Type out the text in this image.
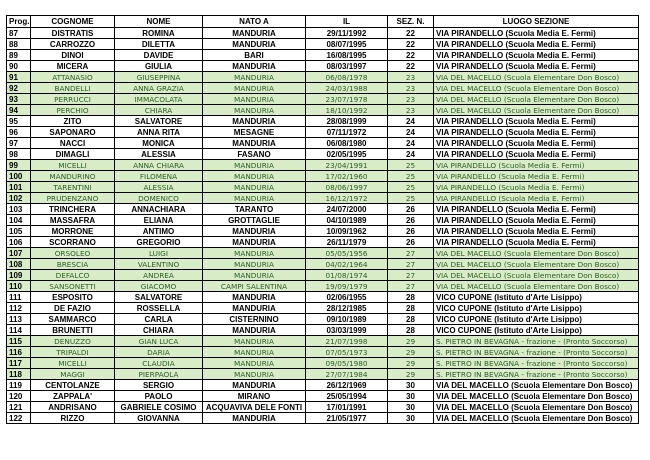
Prog.	COGNOME	NOME	NATO A	IL	SEZ. N.	LUOGO SEZIONE
87	DISTRATIS	ROMINA	MANDURIA	29/11/1992	22	VIA PIRANDELLO (Scuola Media E. Fermi)
88	CARROZZO	DILETTA	MANDURIA	08/07/1995	22	VIA PIRANDELLO (Scuola Media E. Fermi)
89	DINOI	DAVIDE	BARI	16/08/1995	22	VIA PIRANDELLO (Scuola Media E. Fermi)
90	MICERA	GIULIA	MANDURIA	08/03/1997	22	VIA PIRANDELLO (Scuola Media E. Fermi)
91	ATTANASIO	GIUSEPPINA	MANDURIA	06/08/1978	23	VIA DEL MACELLO (Scuola Elementare Don Bosco)
92	BANDELLI	ANNA GRAZIA	MANDURIA	24/03/1988	23	VIA DEL MACELLO (Scuola Elementare Don Bosco)
93	PERRUCCI	IMMACOLATA	MANDURIA	23/07/1978	23	VIA DEL MACELLO (Scuola Elementare Don Bosco)
94	PERCHIO	CHIARA	MANDURIA	18/10/1992	23	VIA DEL MACELLO (Scuola Elementare Don Bosco)
95	ZITO	SALVATORE	MANDURIA	28/08/1999	24	VIA PIRANDELLO (Scuola Media E. Fermi)
96	SAPONARO	ANNA RITA	MESAGNE	07/11/1972	24	VIA PIRANDELLO (Scuola Media E. Fermi)
97	NACCI	MONICA	MANDURIA	06/08/1980	24	VIA PIRANDELLO (Scuola Media E. Fermi)
98	DIMAGLI	ALESSIA	FASANO	02/05/1995	24	VIA PIRANDELLO (Scuola Media E. Fermi)
99	MICELLI	ANNA CHIARA	MANDURIA	23/04/1991	25	VIA PIRANDELLO (Scuola Media E. Fermi)
100	MANDURINO	FILOMENA	MANDURIA	17/02/1960	25	VIA PIRANDELLO (Scuola Media E. Fermi)
101	TARENTINI	ALESSIA	MANDURIA	08/06/1997	25	VIA PIRANDELLO (Scuola Media E. Fermi)
102	PRUDENZANO	DOMENICO	MANDURIA	16/12/1972	25	VIA PIRANDELLO (Scuola Media E. Fermi)
103	TRINCHERA	ANNACHIARA	TARANTO	24/07/2000	26	VIA PIRANDELLO (Scuola Media E. Fermi)
104	MASSAFRA	ELIANA	GROTTAGLIE	04/10/1989	26	VIA PIRANDELLO (Scuola Media E. Fermi)
105	MORRONE	ANTIMO	MANDURIA	10/09/1962	26	VIA PIRANDELLO (Scuola Media E. Fermi)
106	SCORRANO	GREGORIO	MANDURIA	26/11/1979	26	VIA PIRANDELLO (Scuola Media E. Fermi)
107	ORSOLEO	LUIGI	MANDURIA	05/05/1956	27	VIA DEL MACELLO (Scuola Elementare Don Bosco)
108	BRESCIA	VALENTINO	MANDURIA	04/02/1964	27	VIA DEL MACELLO (Scuola Elementare Don Bosco)
109	DEFALCO	ANDREA	MANDURIA	01/08/1974	27	VIA DEL MACELLO (Scuola Elementare Don Bosco)
110	SANSONETTI	GIACOMO	CAMPI SALENTINA	19/09/1979	27	VIA DEL MACELLO (Scuola Elementare Don Bosco)
111	ESPOSITO	SALVATORE	MANDURIA	02/06/1955	28	VICO CUPONE (Istituto d'Arte Lisippo)
112	DE FAZIO	ROSSELLA	MANDURIA	28/12/1985	28	VICO CUPONE (Istituto d'Arte Lisippo)
113	SAMMARCO	CARLA	CISTERNINO	09/10/1989	28	VICO CUPONE (Istituto d'Arte Lisippo)
114	BRUNETTI	CHIARA	MANDURIA	03/03/1999	28	VICO CUPONE (Istituto d'Arte Lisippo)
115	DENUZZO	GIAN LUCA	MANDURIA	21/07/1998	29	S. PIETRO IN BEVAGNA - frazione - (Pronto Soccorso)
116	TRIPALDI	DARIA	MANDURIA	07/05/1973	29	S. PIETRO IN BEVAGNA - frazione - (Pronto Soccorso)
117	MICELLI	CLAUDIA	MANDURIA	09/05/1980	29	S. PIETRO IN BEVAGNA - frazione - (Pronto Soccorso)
118	MAGGI	PIERPAOLA	MANDURIA	27/07/1984	29	S. PIETRO IN BEVAGNA - frazione - (Pronto Soccorso)
119	CENTOLANZE	SERGIO	MANDURIA	26/12/1969	30	VIA DEL MACELLO (Scuola Elementare Don Bosco)
120	ZAPPALA'	PAOLO	MIRANO	25/05/1994	30	VIA DEL MACELLO (Scuola Elementare Don Bosco)
121	ANDRISANO	GABRIELE COSIMO	ACQUAVIVA DELE FONTI	17/01/1991	30	VIA DEL MACELLO (Scuola Elementare Don Bosco)
122	RIZZO	GIOVANNA	MANDURIA	21/05/1977	30	VIA DEL MACELLO (Scuola Elementare Don Bosco)
